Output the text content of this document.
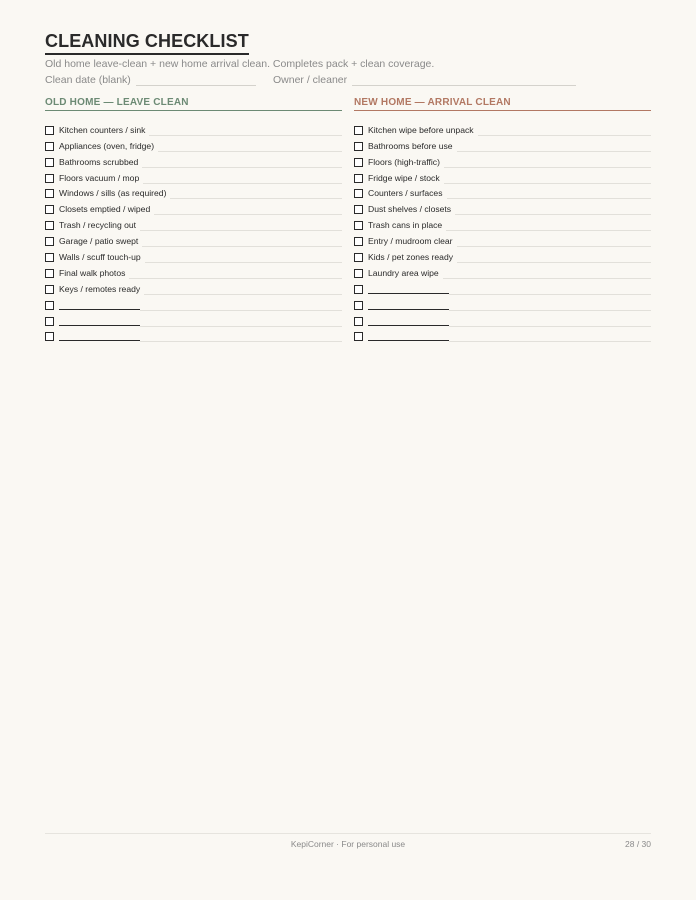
CLEANING CHECKLIST
Old home leave-clean + new home arrival clean. Completes pack + clean coverage.
Clean date (blank)	Owner / cleaner
OLD HOME — LEAVE CLEAN
Kitchen counters / sink
Appliances (oven, fridge)
Bathrooms scrubbed
Floors vacuum / mop
Windows / sills (as required)
Closets emptied / wiped
Trash / recycling out
Garage / patio swept
Walls / scuff touch-up
Final walk photos
Keys / remotes ready
NEW HOME — ARRIVAL CLEAN
Kitchen wipe before unpack
Bathrooms before use
Floors (high-traffic)
Fridge wipe / stock
Counters / surfaces
Dust shelves / closets
Trash cans in place
Entry / mudroom clear
Kids / pet zones ready
Laundry area wipe
KepiCorner · For personal use	28 / 30
